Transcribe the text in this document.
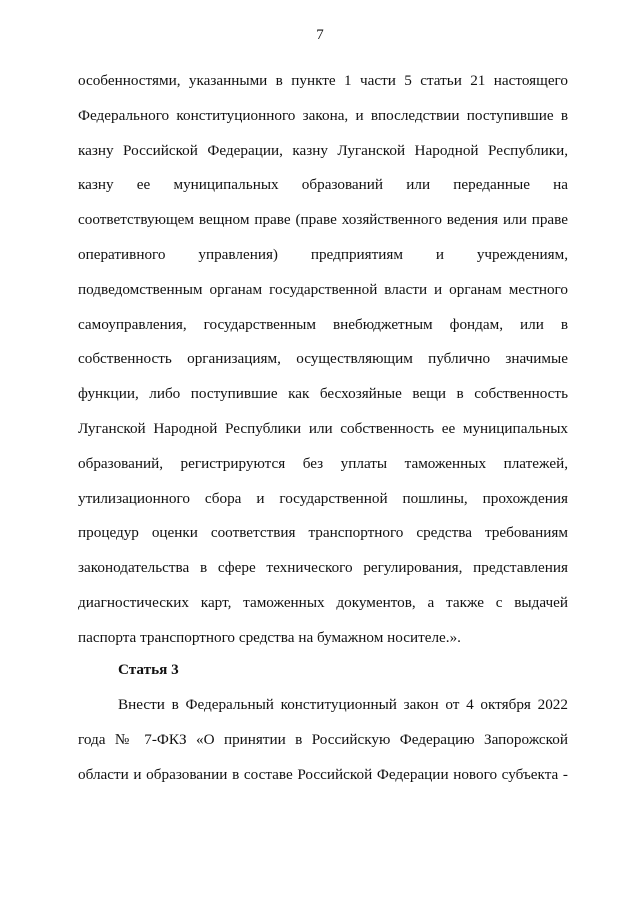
7
особенностями, указанными в пункте 1 части 5 статьи 21 настоящего
Федерального конституционного закона, и впоследствии поступившие в
казну Российской Федерации, казну Луганской Народной Республики,
казну ее муниципальных образований или переданные на
соответствующем вещном праве (праве хозяйственного ведения или праве
оперативного управления) предприятиям и учреждениям,
подведомственным органам государственной власти и органам местного
самоуправления, государственным внебюджетным фондам, или в
собственность организациям, осуществляющим публично значимые
функции, либо поступившие как бесхозяйные вещи в собственность
Луганской Народной Республики или собственность ее муниципальных
образований, регистрируются без уплаты таможенных платежей,
утилизационного сбора и государственной пошлины, прохождения
процедур оценки соответствия транспортного средства требованиям
законодательства в сфере технического регулирования, представления
диагностических карт, таможенных документов, а также с выдачей
паспорта транспортного средства на бумажном носителе.».
Статья 3
Внести в Федеральный конституционный закон от 4 октября 2022
года № 7-ФКЗ «О принятии в Российскую Федерацию Запорожской
области и образовании в составе Российской Федерации нового субъекта -
